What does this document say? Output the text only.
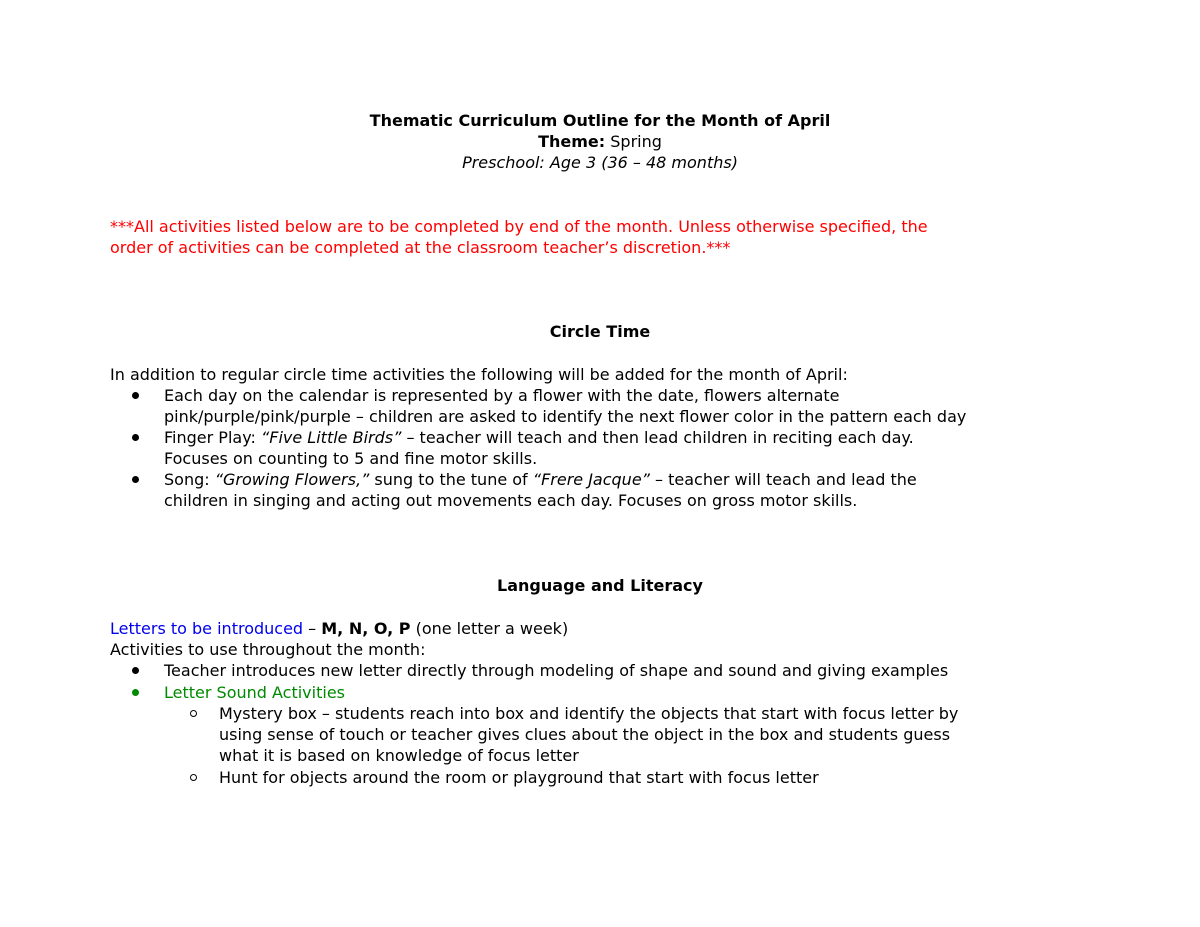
Thematic Curriculum Outline for the Month of April
Theme: Spring
Preschool: Age 3 (36 – 48 months)
***All activities listed below are to be completed by end of the month. Unless otherwise specified, the
order of activities can be completed at the classroom teacher’s discretion.***
Circle Time
In addition to regular circle time activities the following will be added for the month of April:
Each day on the calendar is represented by a flower with the date, flowers alternate
pink/purple/pink/purple – children are asked to identify the next flower color in the pattern each day
Finger Play: “Five Little Birds” – teacher will teach and then lead children in reciting each day.
Focuses on counting to 5 and fine motor skills.
Song: “Growing Flowers,” sung to the tune of “Frere Jacque” – teacher will teach and lead the
children in singing and acting out movements each day. Focuses on gross motor skills.
Language and Literacy
Letters to be introduced – M, N, O, P (one letter a week)
Activities to use throughout the month:
Teacher introduces new letter directly through modeling of shape and sound and giving examples
Letter Sound Activities
Mystery box – students reach into box and identify the objects that start with focus letter by
using sense of touch or teacher gives clues about the object in the box and students guess
what it is based on knowledge of focus letter
Hunt for objects around the room or playground that start with focus letter
